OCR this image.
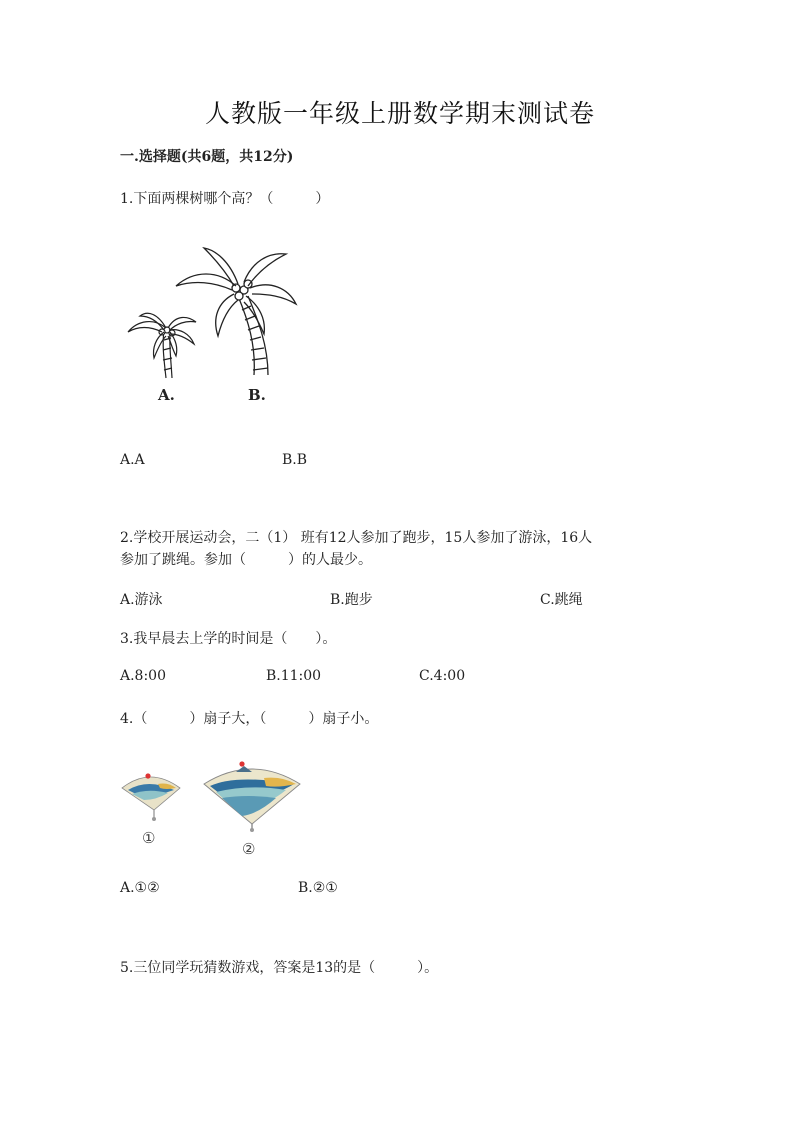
人教版一年级上册数学期末测试卷
一.选择题(共6题，共12分)
1.下面两棵树哪个高？（　　　）
A.	B.
A.A	B.B
2.学校开展运动会，二（1） 班有12人参加了跑步，15人参加了游泳，16人
参加了跳绳。参加（　　　）的人最少。
A.游泳	B.跑步	C.跳绳
3.我早晨去上学的时间是（　　）。
A.8:00	B.11:00	C.4:00
4.（　　　）扇子大，（　　　）扇子小。
①
②
A.①②	B.②①
5.三位同学玩猜数游戏，答案是13的是（　　　）。
